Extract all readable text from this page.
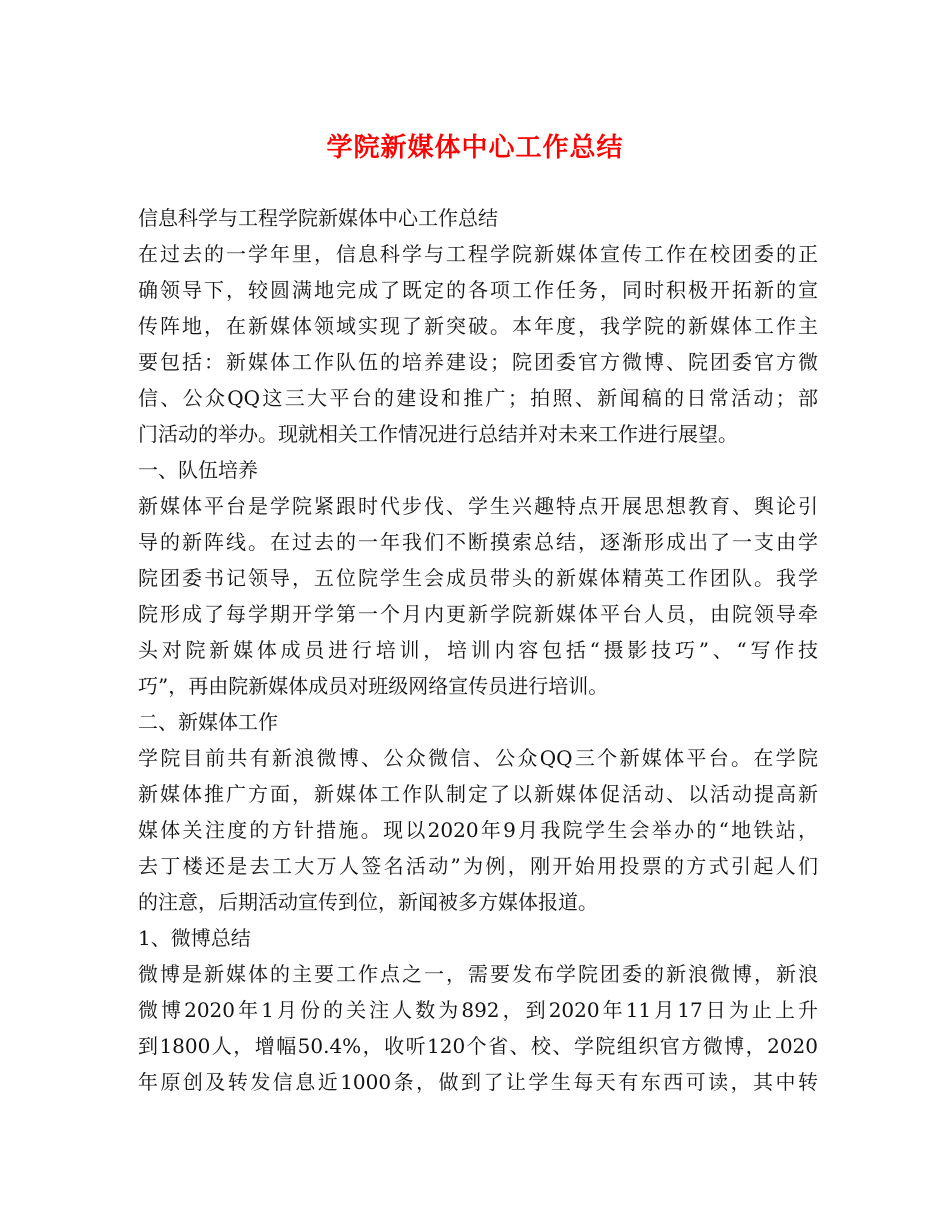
学院新媒体中心工作总结
信息科学与工程学院新媒体中心工作总结
在过去的一学年里，信息科学与工程学院新媒体宣传工作在校团委的正
确领导下，较圆满地完成了既定的各项工作任务，同时积极开拓新的宣
传阵地，在新媒体领域实现了新突破。本年度，我学院的新媒体工作主
要包括：新媒体工作队伍的培养建设；院团委官方微博、院团委官方微
信、公众QQ这三大平台的建设和推广；拍照、新闻稿的日常活动；部
门活动的举办。现就相关工作情况进行总结并对未来工作进行展望。
一、队伍培养
新媒体平台是学院紧跟时代步伐、学生兴趣特点开展思想教育、舆论引
导的新阵线。在过去的一年我们不断摸索总结，逐渐形成出了一支由学
院团委书记领导，五位院学生会成员带头的新媒体精英工作团队。我学
院形成了每学期开学第一个月内更新学院新媒体平台人员，由院领导牵
头对院新媒体成员进行培训，培训内容包括“摄影技巧”、“写作技
巧”，再由院新媒体成员对班级网络宣传员进行培训。
二、新媒体工作
学院目前共有新浪微博、公众微信、公众QQ三个新媒体平台。在学院
新媒体推广方面，新媒体工作队制定了以新媒体促活动、以活动提高新
媒体关注度的方针措施。现以2020年9月我院学生会举办的“地铁站，
去丁楼还是去工大万人签名活动”为例，刚开始用投票的方式引起人们
的注意，后期活动宣传到位，新闻被多方媒体报道。
1、微博总结
微博是新媒体的主要工作点之一，需要发布学院团委的新浪微博，新浪
微博2020年1月份的关注人数为892，到2020年11月17日为止上升
到1800人，增幅50.4%，收听120个省、校、学院组织官方微博，2020
年原创及转发信息近1000条，做到了让学生每天有东西可读，其中转
